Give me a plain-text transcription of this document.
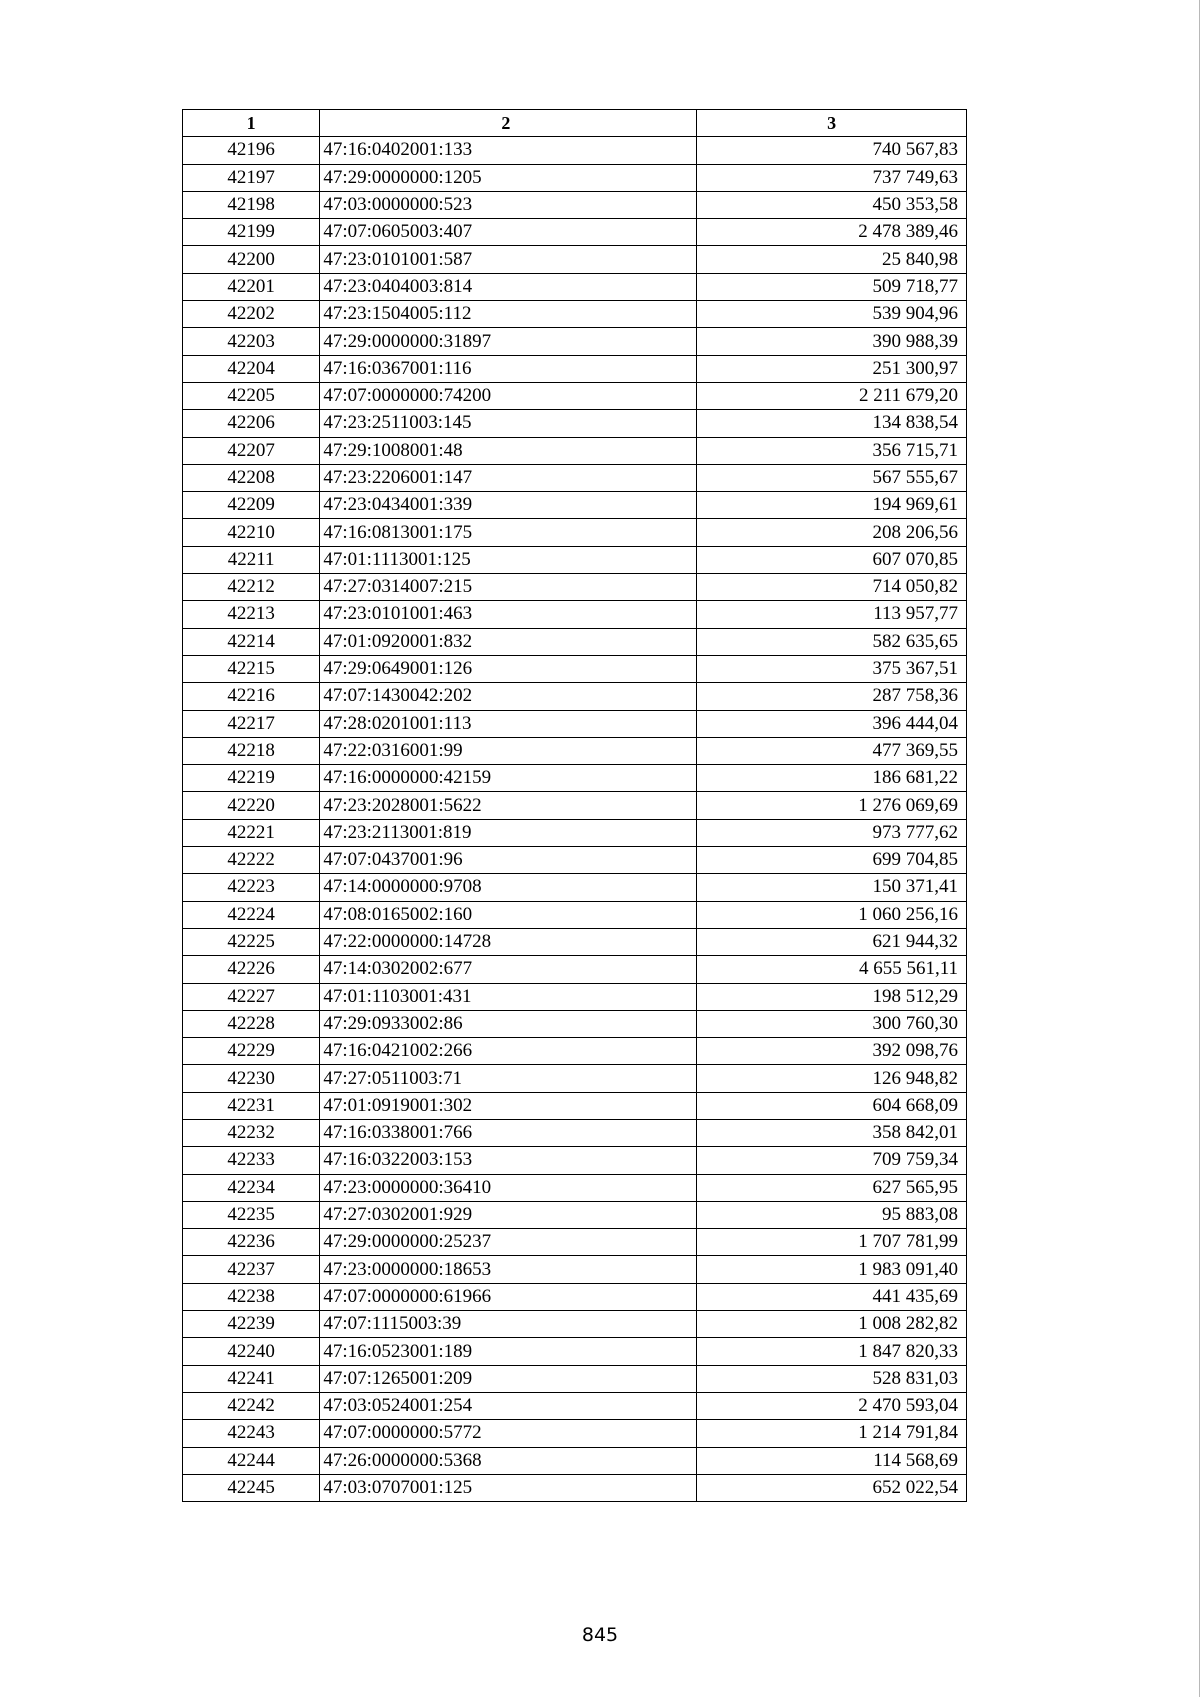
1	2	3
42196	47:16:0402001:133	740 567,83
42197	47:29:0000000:1205	737 749,63
42198	47:03:0000000:523	450 353,58
42199	47:07:0605003:407	2 478 389,46
42200	47:23:0101001:587	25 840,98
42201	47:23:0404003:814	509 718,77
42202	47:23:1504005:112	539 904,96
42203	47:29:0000000:31897	390 988,39
42204	47:16:0367001:116	251 300,97
42205	47:07:0000000:74200	2 211 679,20
42206	47:23:2511003:145	134 838,54
42207	47:29:1008001:48	356 715,71
42208	47:23:2206001:147	567 555,67
42209	47:23:0434001:339	194 969,61
42210	47:16:0813001:175	208 206,56
42211	47:01:1113001:125	607 070,85
42212	47:27:0314007:215	714 050,82
42213	47:23:0101001:463	113 957,77
42214	47:01:0920001:832	582 635,65
42215	47:29:0649001:126	375 367,51
42216	47:07:1430042:202	287 758,36
42217	47:28:0201001:113	396 444,04
42218	47:22:0316001:99	477 369,55
42219	47:16:0000000:42159	186 681,22
42220	47:23:2028001:5622	1 276 069,69
42221	47:23:2113001:819	973 777,62
42222	47:07:0437001:96	699 704,85
42223	47:14:0000000:9708	150 371,41
42224	47:08:0165002:160	1 060 256,16
42225	47:22:0000000:14728	621 944,32
42226	47:14:0302002:677	4 655 561,11
42227	47:01:1103001:431	198 512,29
42228	47:29:0933002:86	300 760,30
42229	47:16:0421002:266	392 098,76
42230	47:27:0511003:71	126 948,82
42231	47:01:0919001:302	604 668,09
42232	47:16:0338001:766	358 842,01
42233	47:16:0322003:153	709 759,34
42234	47:23:0000000:36410	627 565,95
42235	47:27:0302001:929	95 883,08
42236	47:29:0000000:25237	1 707 781,99
42237	47:23:0000000:18653	1 983 091,40
42238	47:07:0000000:61966	441 435,69
42239	47:07:1115003:39	1 008 282,82
42240	47:16:0523001:189	1 847 820,33
42241	47:07:1265001:209	528 831,03
42242	47:03:0524001:254	2 470 593,04
42243	47:07:0000000:5772	1 214 791,84
42244	47:26:0000000:5368	114 568,69
42245	47:03:0707001:125	652 022,54
845
